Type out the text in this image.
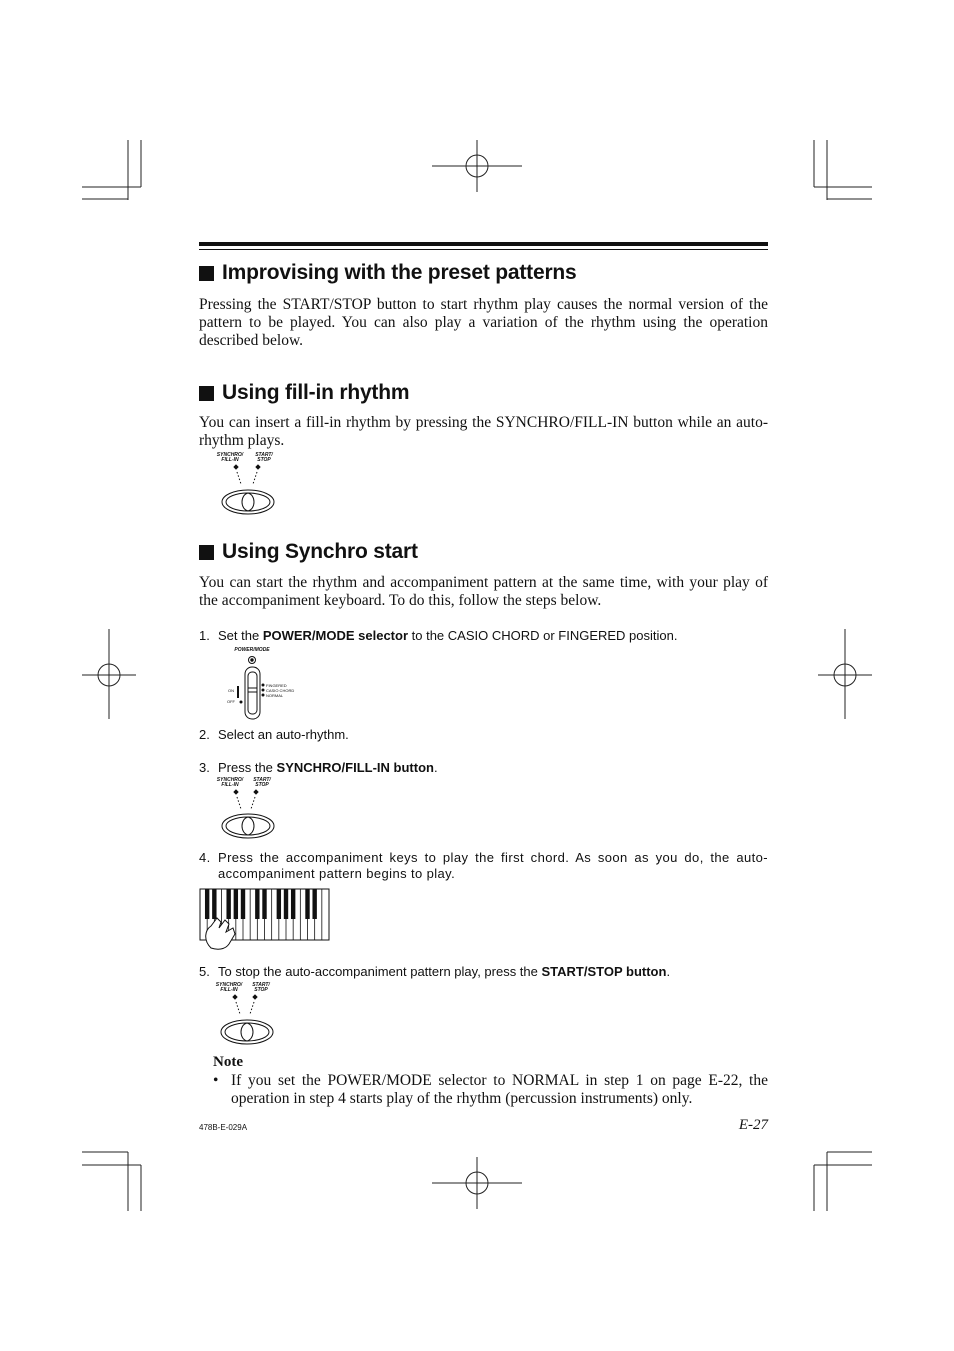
Improvising with the preset patterns
Pressing the START/STOP button to start rhythm play causes the normal version of the pattern to be played. You can also play a variation of the rhythm using the operation described below.
Using fill-in rhythm
You can insert a fill-in rhythm by pressing the SYNCHRO/FILL-IN button while an auto-rhythm plays.
SYNCHRO/
FILL-IN
START/
STOP
Using Synchro start
You can start the rhythm and accompaniment pattern at the same time, with your play of the accompaniment keyboard. To do this, follow the steps below.
1. Set the POWER/MODE selector to the CASIO CHORD or FINGERED position.
POWER/MODE
ON
OFF
FINGERED
CASIO CHORD
NORMAL
2. Select an auto-rhythm.
3. Press the SYNCHRO/FILL-IN button.
SYNCHRO/
FILL-IN
START/
STOP
4. Press the accompaniment keys to play the first chord. As soon as you do, the auto-accompaniment pattern begins to play.
5. To stop the auto-accompaniment pattern play, press the START/STOP button.
SYNCHRO/
FILL-IN
START/
STOP
Note
• If you set the POWER/MODE selector to NORMAL in step 1 on page E-22, the operation in step 4 starts play of the rhythm (percussion instruments) only.
478B-E-029A	E-27
